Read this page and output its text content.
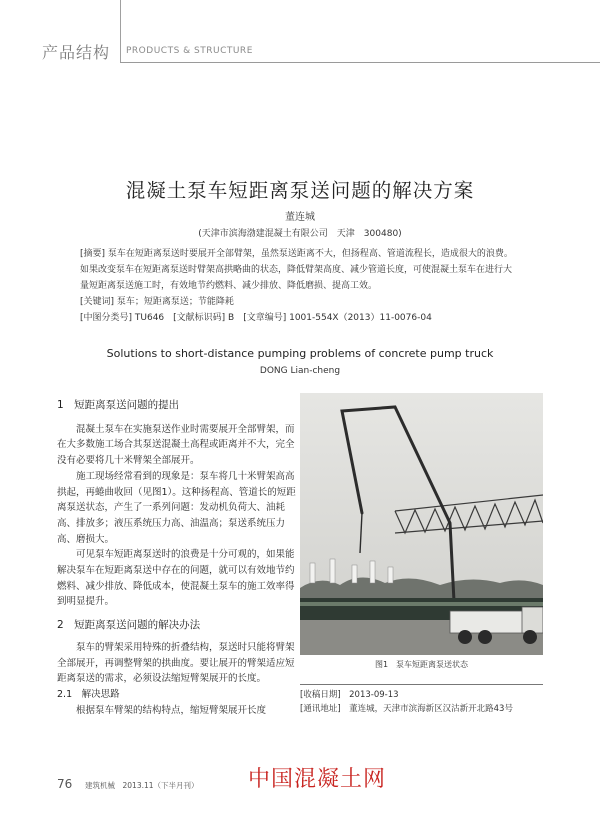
产品结构 PRODUCTS & STRUCTURE
混凝土泵车短距离泵送问题的解决方案
董连城
(天津市滨海渤建混凝土有限公司　天津　300480)

[摘要] 泵车在短距离泵送时要展开全部臂架，虽然泵送距离不大，但扬程高、管道流程长，造成很大的浪费。如果改变泵车在短距离泵送时臂架高拱略曲的状态，降低臂架高度、减少管道长度，可使混凝土泵车在进行大量短距离泵送施工时，有效地节约燃料、减少排放、降低磨损、提高工效。

[关键词] 泵车；短距离泵送；节能降耗

[中图分类号] TU646　[文献标识码] B　[文章编号] 1001-554X（2013）11-0076-04

Solutions to short-distance pumping problems of concrete pump truck
DONG Lian-cheng
1　短距离泵送问题的提出

混凝土泵车在实施泵送作业时需要展开全部臂架，而在大多数施工场合其泵送混凝土高程或距离并不大，完全没有必要将几十米臂架全部展开。

施工现场经常看到的现象是：泵车将几十米臂架高高拱起，再蜷曲收回（见图1）。这种扬程高、管道长的短距离泵送状态，产生了一系列问题：发动机负荷大、油耗高、排放多；液压系统压力高、油温高；泵送系统压力高、磨损大。

可见泵车短距离泵送时的浪费是十分可观的，如果能解决泵车在短距离泵送中存在的问题，就可以有效地节约燃料、减少排放、降低成本，使混凝土泵车的施工效率得到明显提升。

2　短距离泵送问题的解决办法

泵车的臂架采用特殊的折叠结构，泵送时只能将臂架全部展开，再调整臂架的拱曲度。要让展开的臂架适应短距离泵送的需求，必须设法缩短臂架展开的长度。

2.1　解决思路

根据泵车臂架的结构特点，缩短臂架展开长度

图1　泵车短距离泵送状态
[收稿日期]　2013-09-13
[通讯地址]　董连城，天津市滨海新区汉沽新开北路43号
76 建筑机械　2013.11（下半月刊） 中国混凝土网
